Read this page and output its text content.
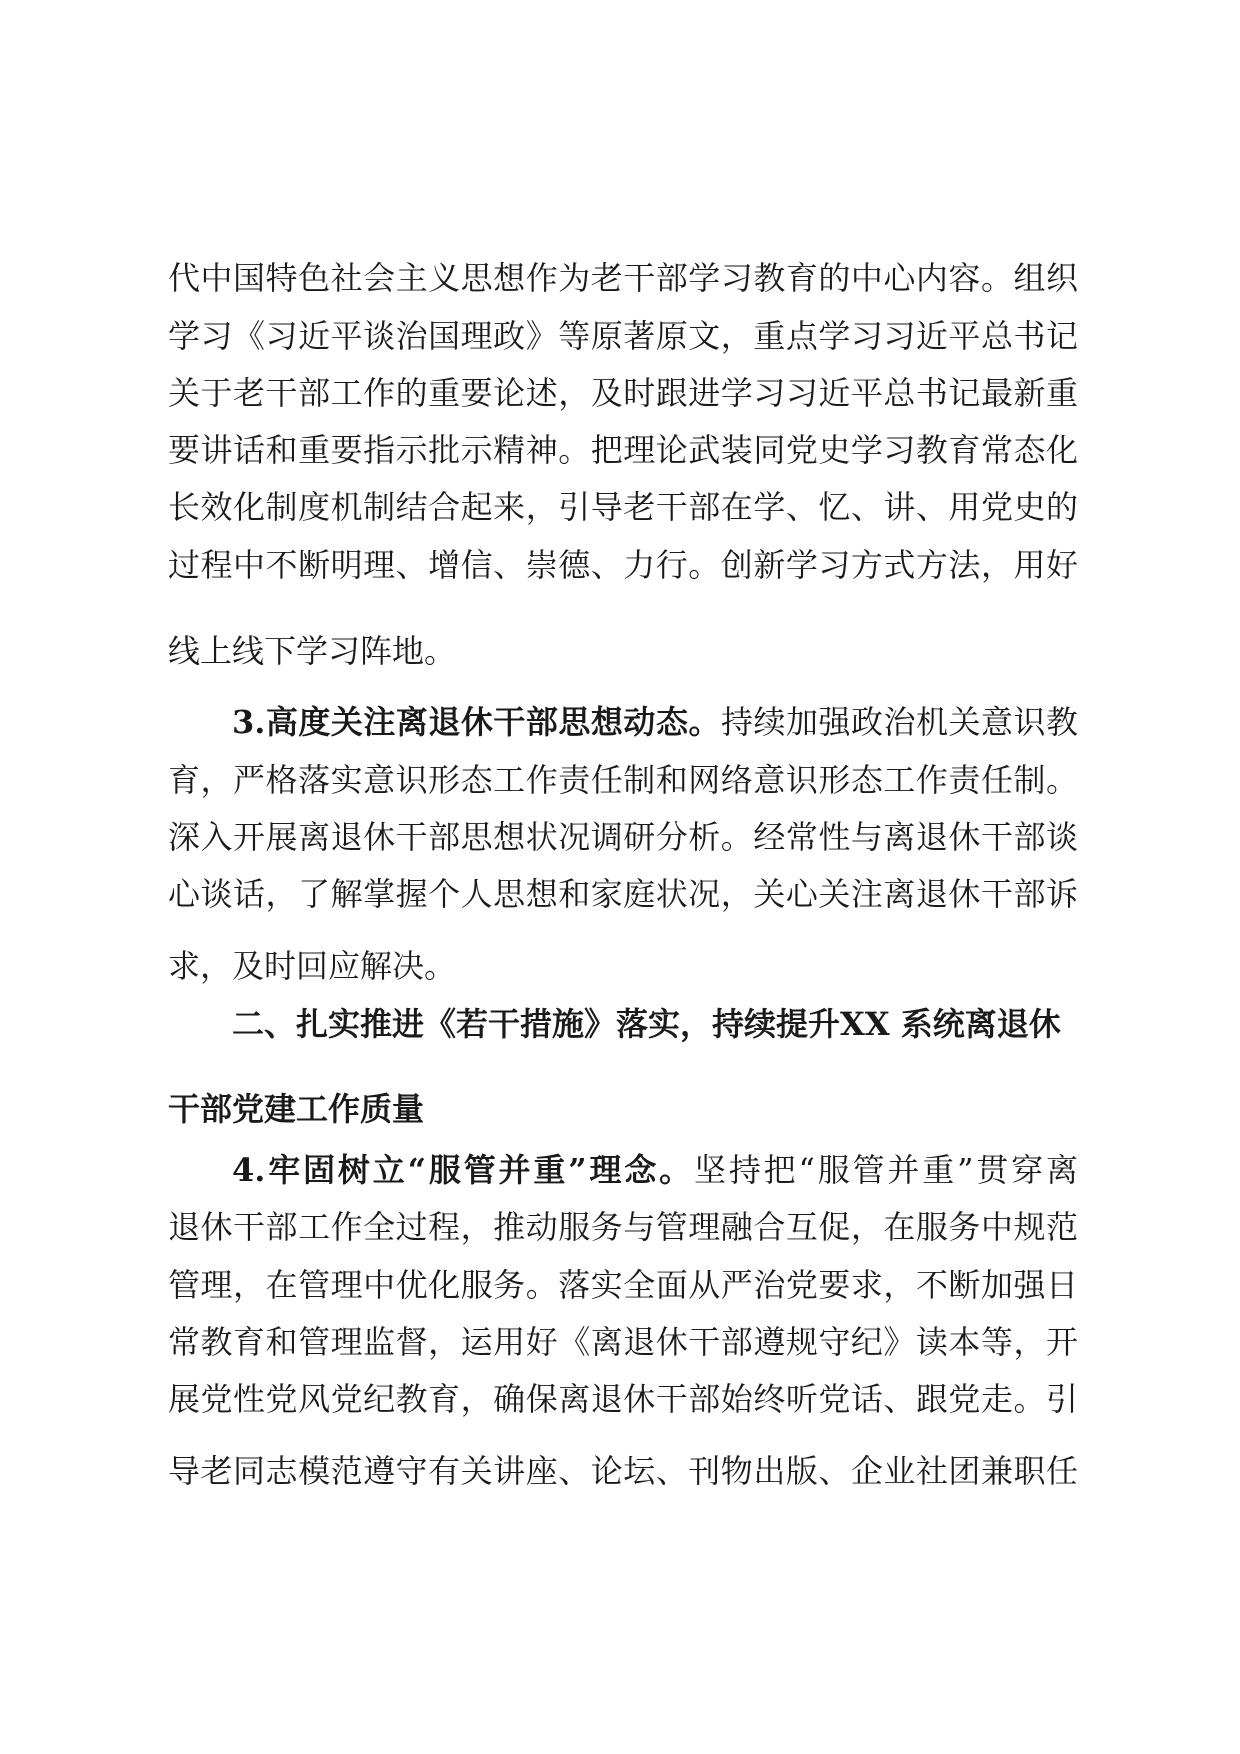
代中国特色社会主义思想作为老干部学习教育的中心内容。组织
学习《习近平谈治国理政》等原著原文，重点学习习近平总书记
关于老干部工作的重要论述，及时跟进学习习近平总书记最新重
要讲话和重要指示批示精神。把理论武装同党史学习教育常态化
长效化制度机制结合起来，引导老干部在学、忆、讲、用党史的
过程中不断明理、增信、崇德、力行。创新学习方式方法，用好
线上线下学习阵地。
3.高度关注离退休干部思想动态。持续加强政治机关意识教
育，严格落实意识形态工作责任制和网络意识形态工作责任制。
深入开展离退休干部思想状况调研分析。经常性与离退休干部谈
心谈话，了解掌握个人思想和家庭状况，关心关注离退休干部诉
求，及时回应解决。
二、扎实推进《若干措施》落实，持续提升XX 系统离退休
干部党建工作质量
4.牢固树立“服管并重”理念。坚持把“服管并重”贯穿离
退休干部工作全过程，推动服务与管理融合互促，在服务中规范
管理，在管理中优化服务。落实全面从严治党要求，不断加强日
常教育和管理监督，运用好《离退休干部遵规守纪》读本等，开
展党性党风党纪教育，确保离退休干部始终听党话、跟党走。引
导老同志模范遵守有关讲座、论坛、刊物出版、企业社团兼职任
